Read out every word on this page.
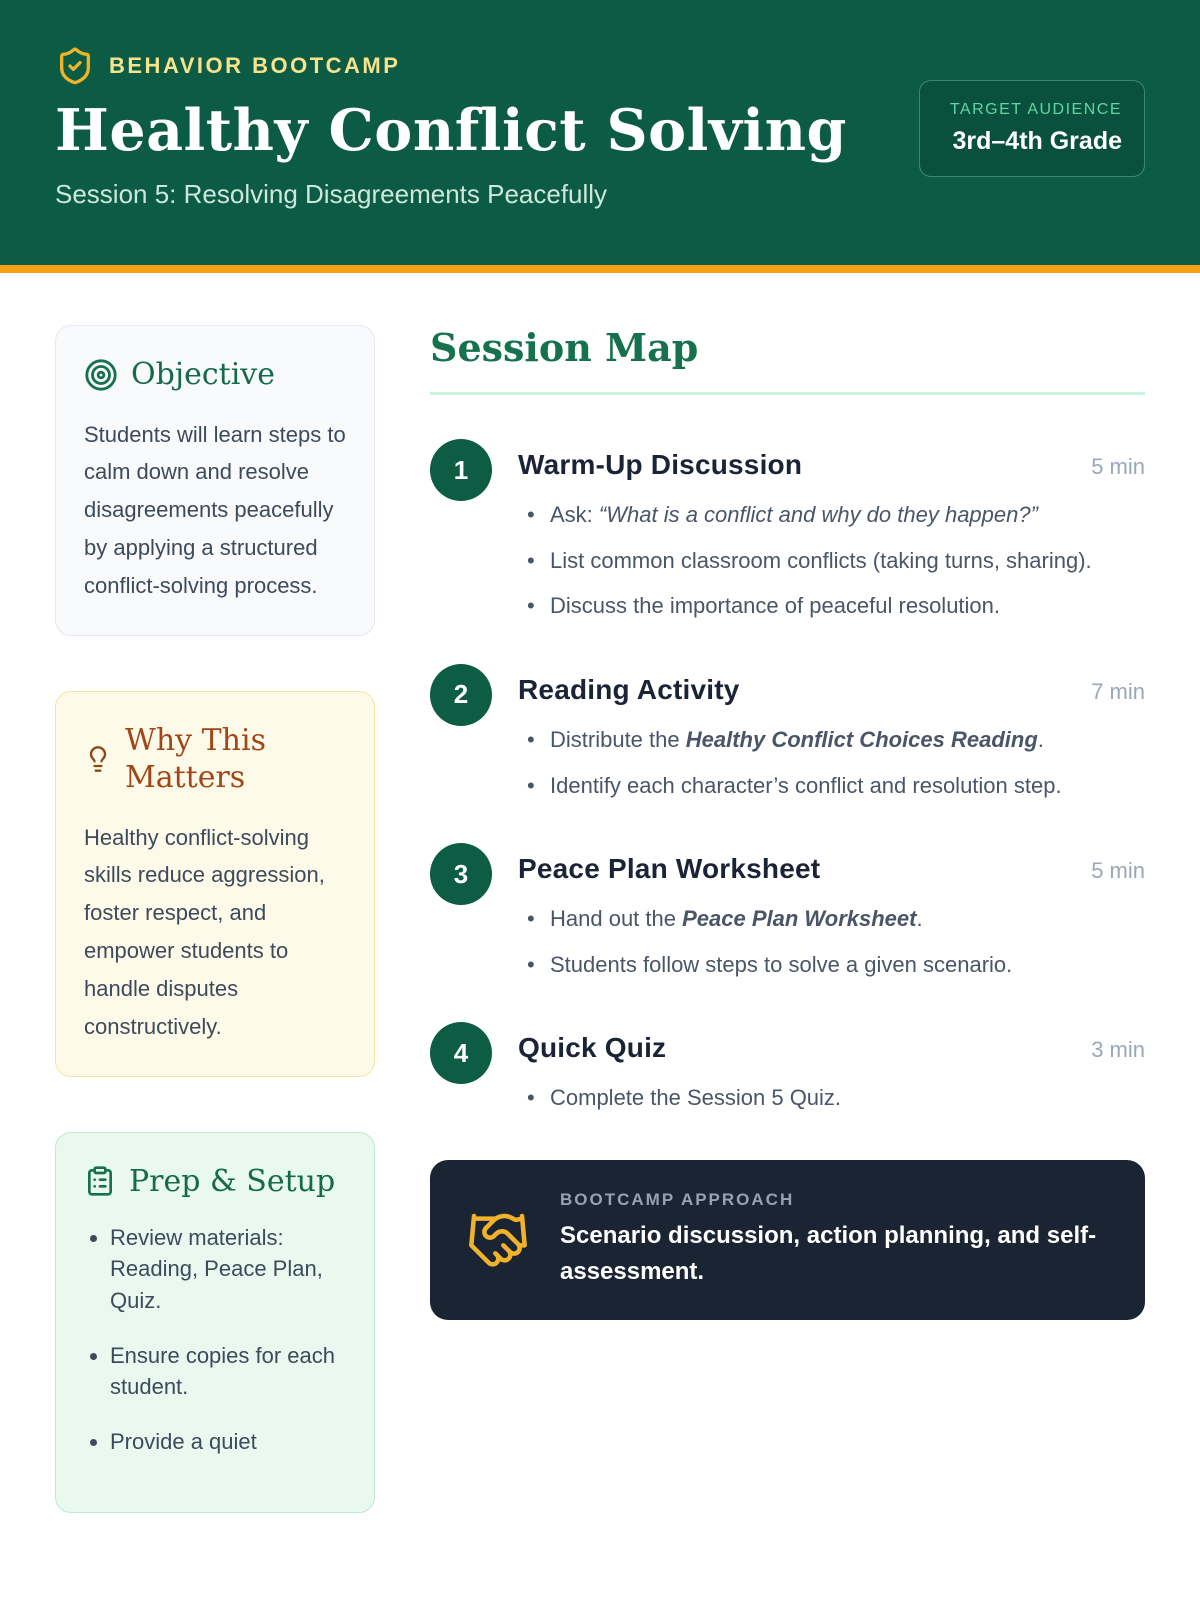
BEHAVIOR BOOTCAMP
Healthy Conflict Solving

Session 5: Resolving Disagreements Peacefully

TARGET AUDIENCE
3rd–4th Grade
Objective
Students will learn steps to calm down and resolve disagreements peacefully by applying a structured conflict-solving process.
Why This Matters
Healthy conflict-solving skills reduce aggression, foster respect, and empower students to handle disputes constructively.
Prep & Setup
• Review materials: Reading, Peace Plan, Quiz.
• Ensure copies for each student.
• Provide a quiet
Session Map
1	Warm-Up Discussion	5 min
• Ask: “What is a conflict and why do they happen?”
• List common classroom conflicts (taking turns, sharing).
• Discuss the importance of peaceful resolution.
2	Reading Activity	7 min
• Distribute the Healthy Conflict Choices Reading.
• Identify each character’s conflict and resolution step.
3	Peace Plan Worksheet	5 min
• Hand out the Peace Plan Worksheet.
• Students follow steps to solve a given scenario.
4	Quick Quiz	3 min
• Complete the Session 5 Quiz.
BOOTCAMP APPROACH
Scenario discussion, action planning, and self-assessment.
